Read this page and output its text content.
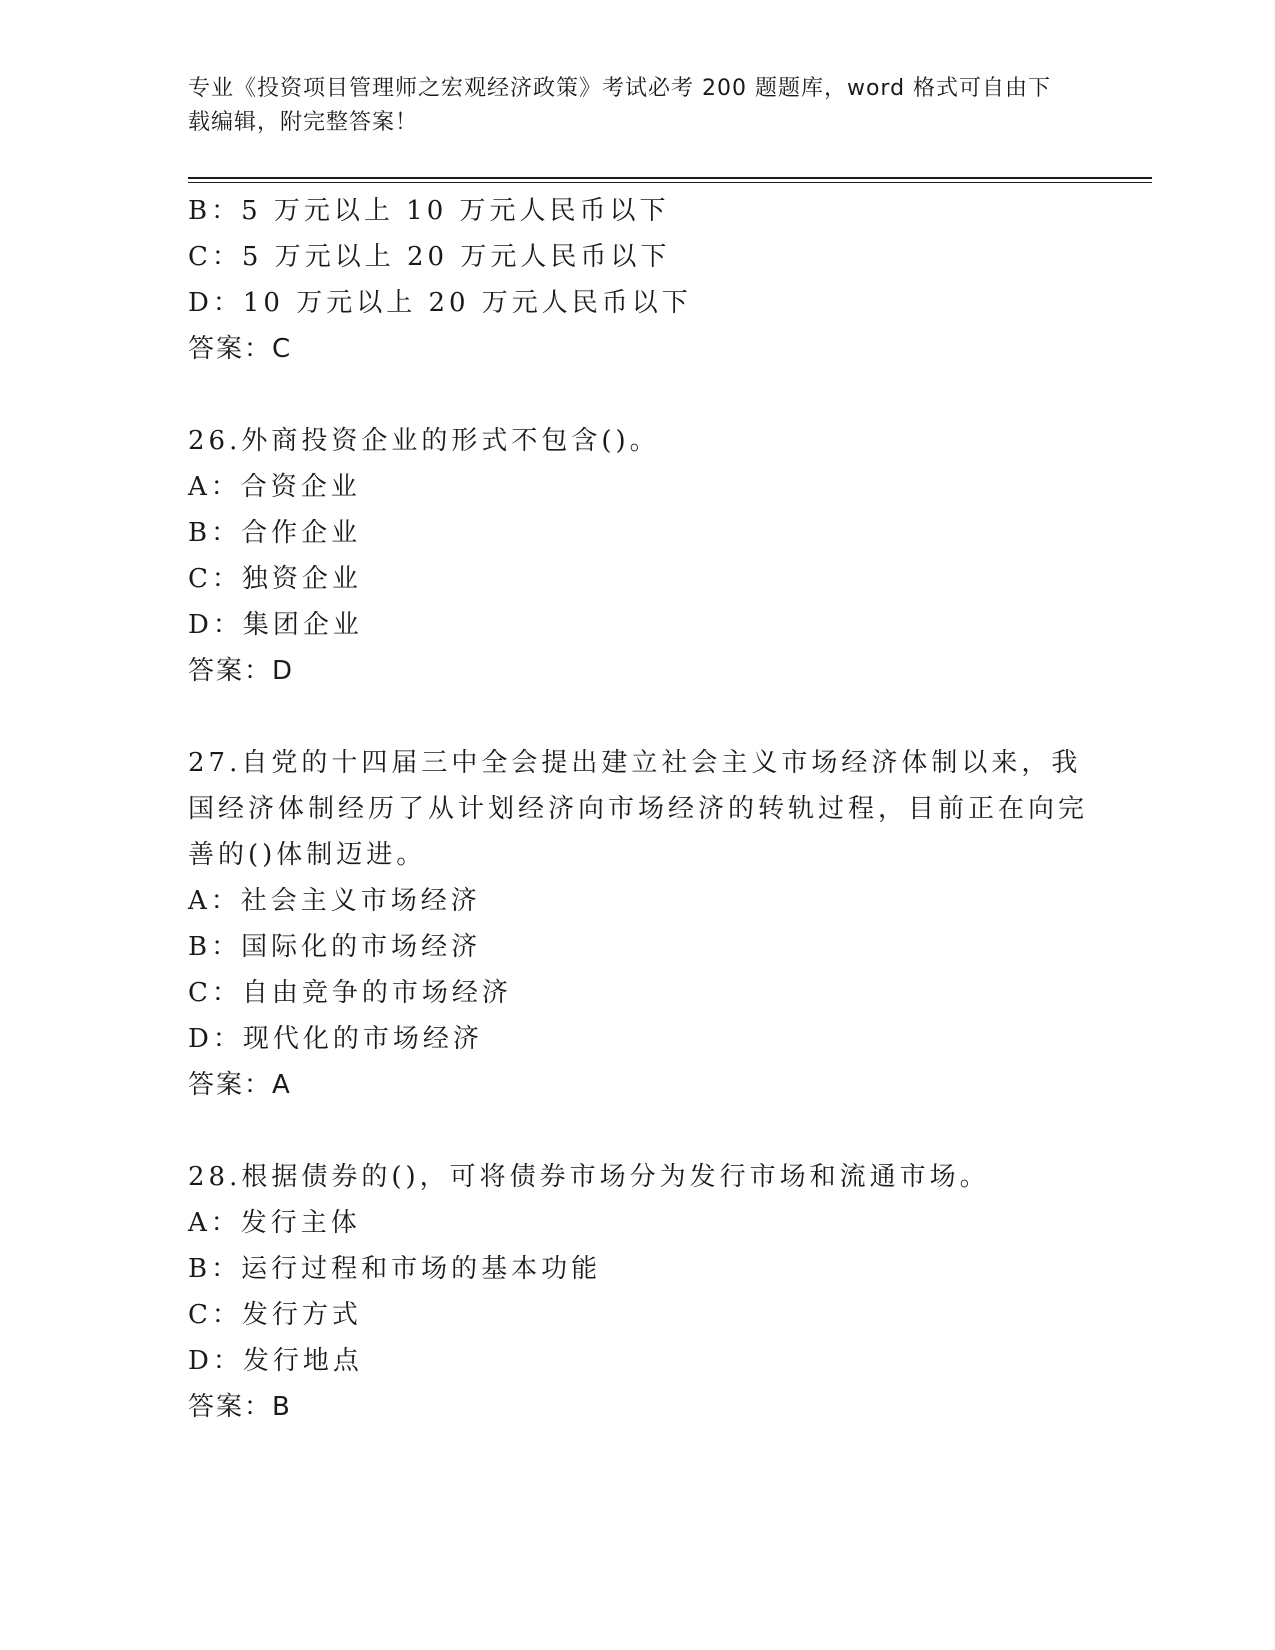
专业《投资项目管理师之宏观经济政策》考试必考 200 题题库，word 格式可自由下载编辑，附完整答案！
B：5 万元以上 10 万元人民币以下
C：5 万元以上 20 万元人民币以下
D：10 万元以上 20 万元人民币以下
答案：C
26.外商投资企业的形式不包含()。
A：合资企业
B：合作企业
C：独资企业
D：集团企业
答案：D
27.自党的十四届三中全会提出建立社会主义市场经济体制以来，我国经济体制经历了从计划经济向市场经济的转轨过程，目前正在向完善的()体制迈进。
A：社会主义市场经济
B：国际化的市场经济
C：自由竞争的市场经济
D：现代化的市场经济
答案：A
28.根据债券的()，可将债券市场分为发行市场和流通市场。
A：发行主体
B：运行过程和市场的基本功能
C：发行方式
D：发行地点
答案：B
